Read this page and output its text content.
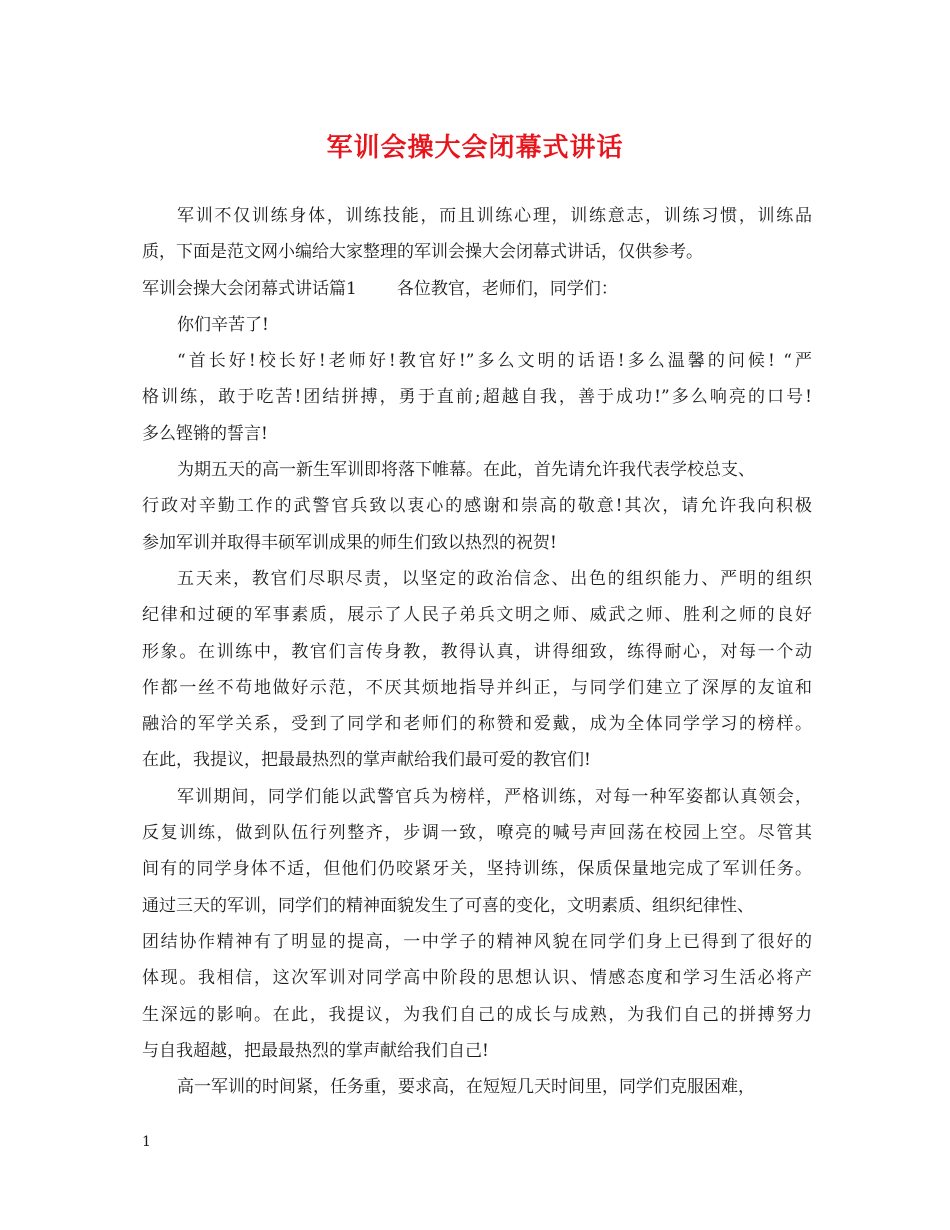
军训会操大会闭幕式讲话
军训不仅训练身体，训练技能，而且训练心理，训练意志，训练习惯，训练品
质，下面是范文网小编给大家整理的军训会操大会闭幕式讲话，仅供参考。
军训会操大会闭幕式讲话篇1 各位教官，老师们，同学们：
你们辛苦了!
“首长好!校长好!老师好!教官好!”多么文明的话语!多么温馨的问候! “严
格训练，敢于吃苦!团结拼搏，勇于直前;超越自我，善于成功!”多么响亮的口号!
多么铿锵的誓言!
为期五天的高一新生军训即将落下帷幕。在此，首先请允许我代表学校总支、
行政对辛勤工作的武警官兵致以衷心的感谢和崇高的敬意!其次，请允许我向积极
参加军训并取得丰硕军训成果的师生们致以热烈的祝贺!
五天来，教官们尽职尽责，以坚定的政治信念、出色的组织能力、严明的组织
纪律和过硬的军事素质，展示了人民子弟兵文明之师、威武之师、胜利之师的良好
形象。在训练中，教官们言传身教，教得认真，讲得细致，练得耐心，对每一个动
作都一丝不苟地做好示范，不厌其烦地指导并纠正，与同学们建立了深厚的友谊和
融洽的军学关系，受到了同学和老师们的称赞和爱戴，成为全体同学学习的榜样。
在此，我提议，把最最热烈的掌声献给我们最可爱的教官们!
军训期间，同学们能以武警官兵为榜样，严格训练，对每一种军姿都认真领会，
反复训练，做到队伍行列整齐，步调一致，嘹亮的喊号声回荡在校园上空。尽管其
间有的同学身体不适，但他们仍咬紧牙关，坚持训练，保质保量地完成了军训任务。
通过三天的军训，同学们的精神面貌发生了可喜的变化，文明素质、组织纪律性、
团结协作精神有了明显的提高，一中学子的精神风貌在同学们身上已得到了很好的
体现。我相信，这次军训对同学高中阶段的思想认识、情感态度和学习生活必将产
生深远的影响。在此，我提议，为我们自己的成长与成熟，为我们自己的拼搏努力
与自我超越，把最最热烈的掌声献给我们自己!
高一军训的时间紧，任务重，要求高，在短短几天时间里，同学们克服困难，
1
